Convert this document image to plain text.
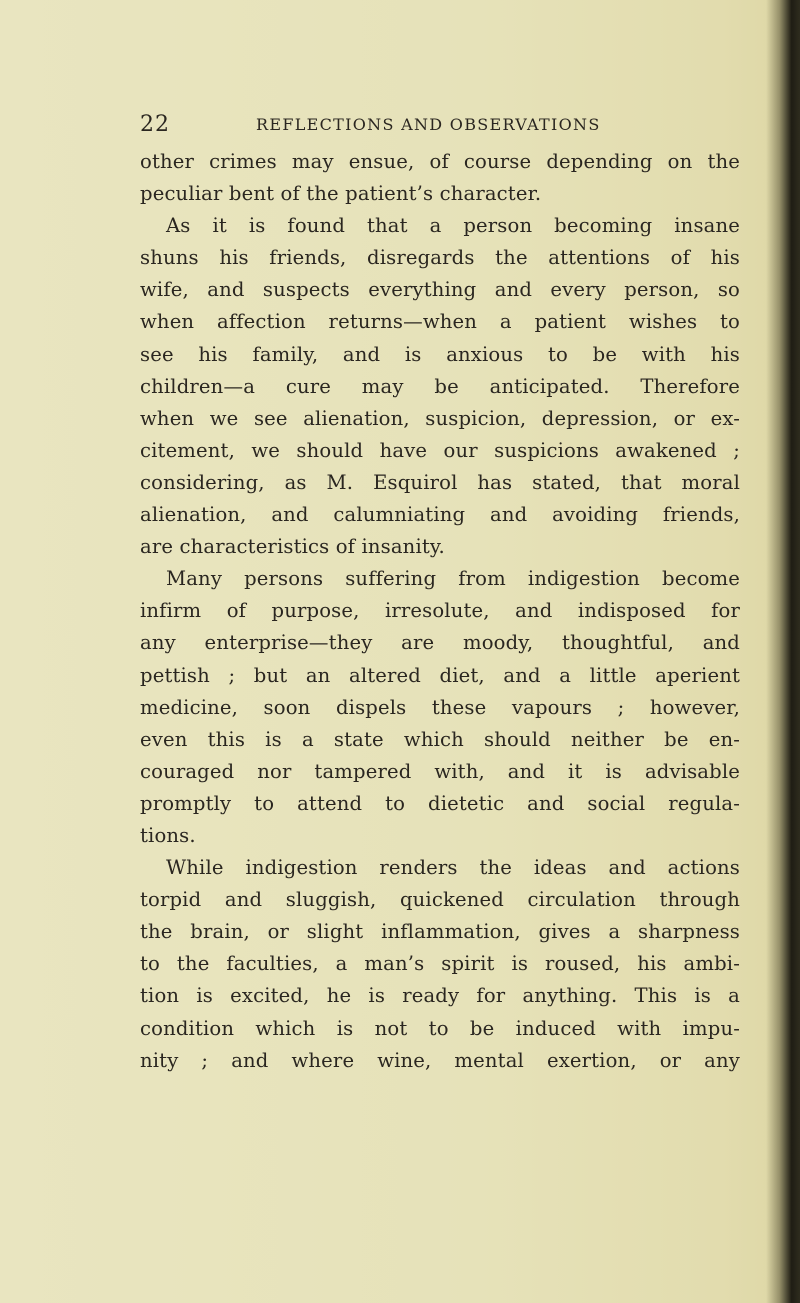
22	REFLECTIONS AND OBSERVATIONS
other crimes may ensue, of course depending on the
peculiar bent of the patient’s character.
As it is found that a person becoming insane
shuns his friends, disregards the attentions of his
wife, and suspects everything and every person, so
when affection returns—when a patient wishes to
see his family, and is anxious to be with his
children—a cure may be anticipated. Therefore
when we see alienation, suspicion, depression, or ex-
citement, we should have our suspicions awakened ;
considering, as M. Esquirol has stated, that moral
alienation, and calumniating and avoiding friends,
are characteristics of insanity.
Many persons suffering from indigestion become
infirm of purpose, irresolute, and indisposed for
any enterprise—they are moody, thoughtful, and
pettish ; but an altered diet, and a little aperient
medicine, soon dispels these vapours ; however,
even this is a state which should neither be en-
couraged nor tampered with, and it is advisable
promptly to attend to dietetic and social regula-
tions.
While indigestion renders the ideas and actions
torpid and sluggish, quickened circulation through
the brain, or slight inflammation, gives a sharpness
to the faculties, a man’s spirit is roused, his ambi-
tion is excited, he is ready for anything. This is a
condition which is not to be induced with impu-
nity ; and where wine, mental exertion, or any
